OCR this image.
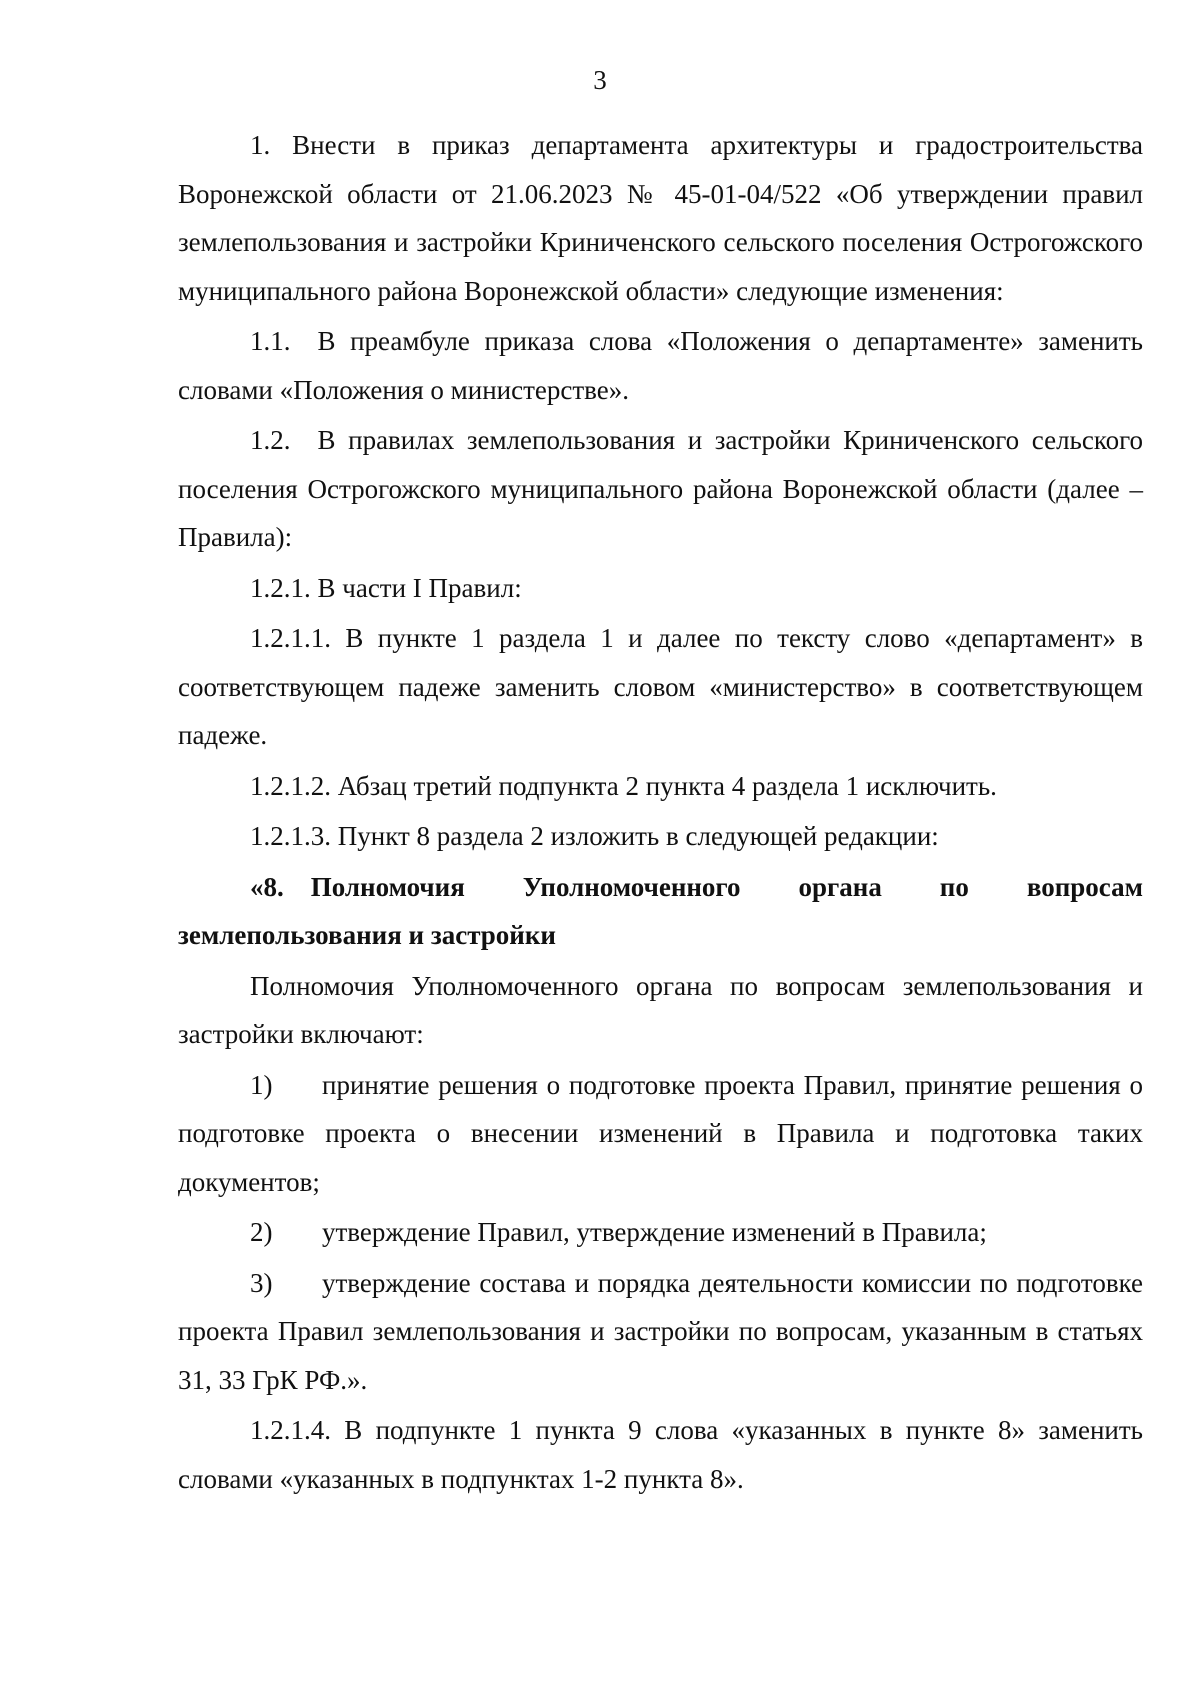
3

1. Внести в приказ департамента архитектуры и градостроительства Воронежской области от 21.06.2023 № 45-01-04/522 «Об утверждении правил землепользования и застройки Криниченского сельского поселения Острогожского муниципального района Воронежской области» следующие изменения:

1.1. В преамбуле приказа слова «Положения о департаменте» заменить словами «Положения о министерстве».

1.2. В правилах землепользования и застройки Криниченского сельского поселения Острогожского муниципального района Воронежской области (далее – Правила):

1.2.1. В части I Правил:

1.2.1.1. В пункте 1 раздела 1 и далее по тексту слово «департамент» в соответствующем падеже заменить словом «министерство» в соответствующем падеже.

1.2.1.2. Абзац третий подпункта 2 пункта 4 раздела 1 исключить.

1.2.1.3. Пункт 8 раздела 2 изложить в следующей редакции:

«8. Полномочия Уполномоченного органа по вопросам землепользования и застройки

Полномочия Уполномоченного органа по вопросам землепользования и застройки включают:

1) принятие решения о подготовке проекта Правил, принятие решения о подготовке проекта о внесении изменений в Правила и подготовка таких документов;

2) утверждение Правил, утверждение изменений в Правила;

3) утверждение состава и порядка деятельности комиссии по подготовке проекта Правил землепользования и застройки по вопросам, указанным в статьях 31, 33 ГрК РФ.».

1.2.1.4. В подпункте 1 пункта 9 слова «указанных в пункте 8» заменить словами «указанных в подпунктах 1-2 пункта 8».
